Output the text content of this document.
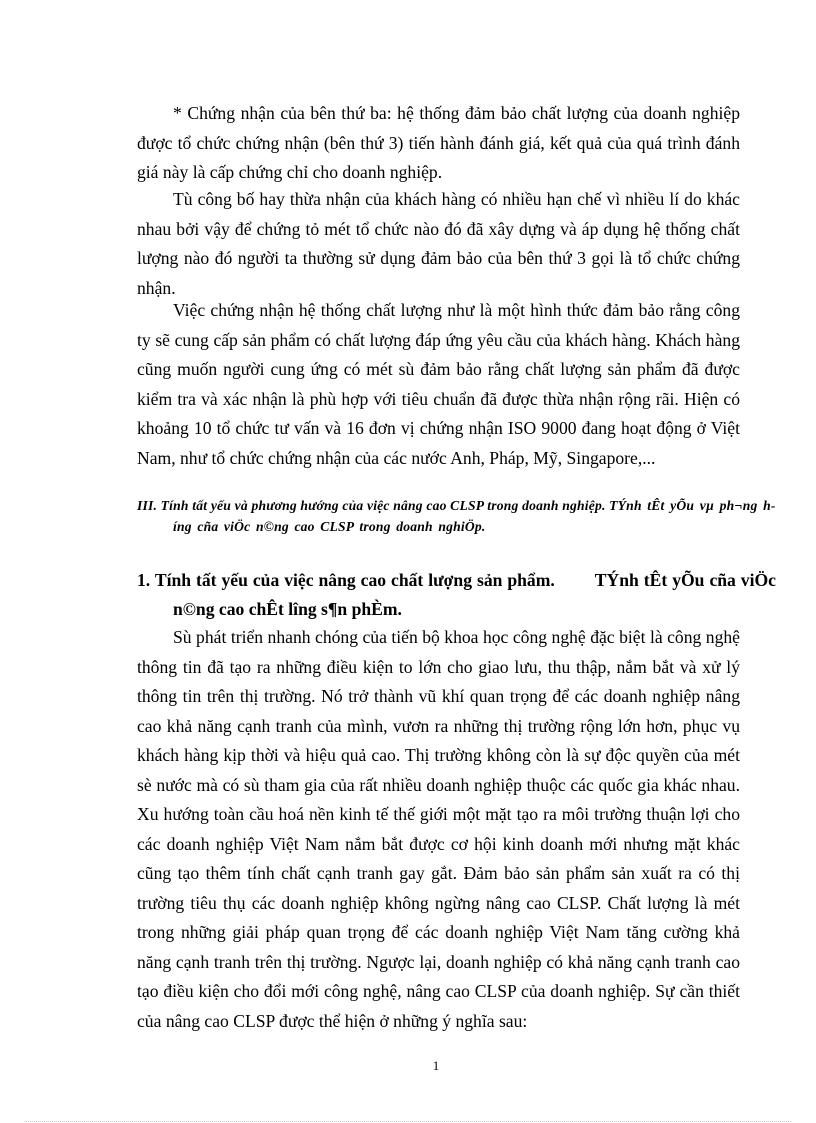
* Chứng nhận của bên thứ ba: hệ thống đảm bảo chất lượng của doanh nghiệp được tổ chức chứng nhận (bên thứ 3) tiến hành đánh giá, kết quả của quá trình đánh giá này là cấp chứng chỉ cho doanh nghiệp.

Tù công bố hay thừa nhận của khách hàng có nhiều hạn chế vì nhiều lí do khác nhau bởi vậy để chứng tỏ mét tổ chức nào đó đã xây dựng và áp dụng hệ thống chất lượng nào đó người ta thường sử dụng đảm bảo của bên thứ 3 gọi là tổ chức chứng nhận.

Việc chứng nhận hệ thống chất lượng như là một hình thức đảm bảo rằng công ty sẽ cung cấp sản phẩm có chất lượng đáp ứng yêu cầu của khách hàng. Khách hàng cũng muốn người cung ứng có mét sù đảm bảo rằng chất lượng sản phẩm đã được kiểm tra và xác nhận là phù hợp với tiêu chuẩn đã được thừa nhận rộng rãi. Hiện có khoảng 10 tổ chức tư vấn và 16 đơn vị chứng nhận ISO 9000 đang hoạt động ở Việt Nam, như tổ chức chứng nhận của các nước Anh, Pháp, Mỹ, Singapore,...

III. Tính tất yếu và phương hướng của việc nâng cao CLSP trong doanh nghiệp. TÝnh tÊt yÕu vµ ph¬ng híng cña viÖc n©ng cao CLSP trong doanh nghiÖp.

1. Tính tất yếu của việc nâng cao chất lượng sản phẩm. TÝnh tÊt yÕu cña viÖc n©ng cao chÊt lîng s¶n phÈm.

Sù phát triển nhanh chóng của tiến bộ khoa học công nghệ đặc biệt là công nghệ thông tin đã tạo ra những điều kiện to lớn cho giao lưu, thu thập, nắm bắt và xử lý thông tin trên thị trường. Nó trở thành vũ khí quan trọng để các doanh nghiệp nâng cao khả năng cạnh tranh của mình, vươn ra những thị trường rộng lớn hơn, phục vụ khách hàng kịp thời và hiệu quả cao. Thị trường không còn là sự độc quyền của mét sè nước mà có sù tham gia của rất nhiều doanh nghiệp thuộc các quốc gia khác nhau. Xu hướng toàn cầu hoá nền kinh tế thế giới một mặt tạo ra môi trường thuận lợi cho các doanh nghiệp Việt Nam nắm bắt được cơ hội kinh doanh mới nhưng mặt khác cũng tạo thêm tính chất cạnh tranh gay gắt. Đảm bảo sản phẩm sản xuất ra có thị trường tiêu thụ các doanh nghiệp không ngừng nâng cao CLSP. Chất lượng là mét trong những giải pháp quan trọng để các doanh nghiệp Việt Nam tăng cường khả năng cạnh tranh trên thị trường. Ngược lại, doanh nghiệp có khả năng cạnh tranh cao tạo điều kiện cho đổi mới công nghệ, nâng cao CLSP của doanh nghiệp. Sự cần thiết của nâng cao CLSP được thể hiện ở những ý nghĩa sau:

1
